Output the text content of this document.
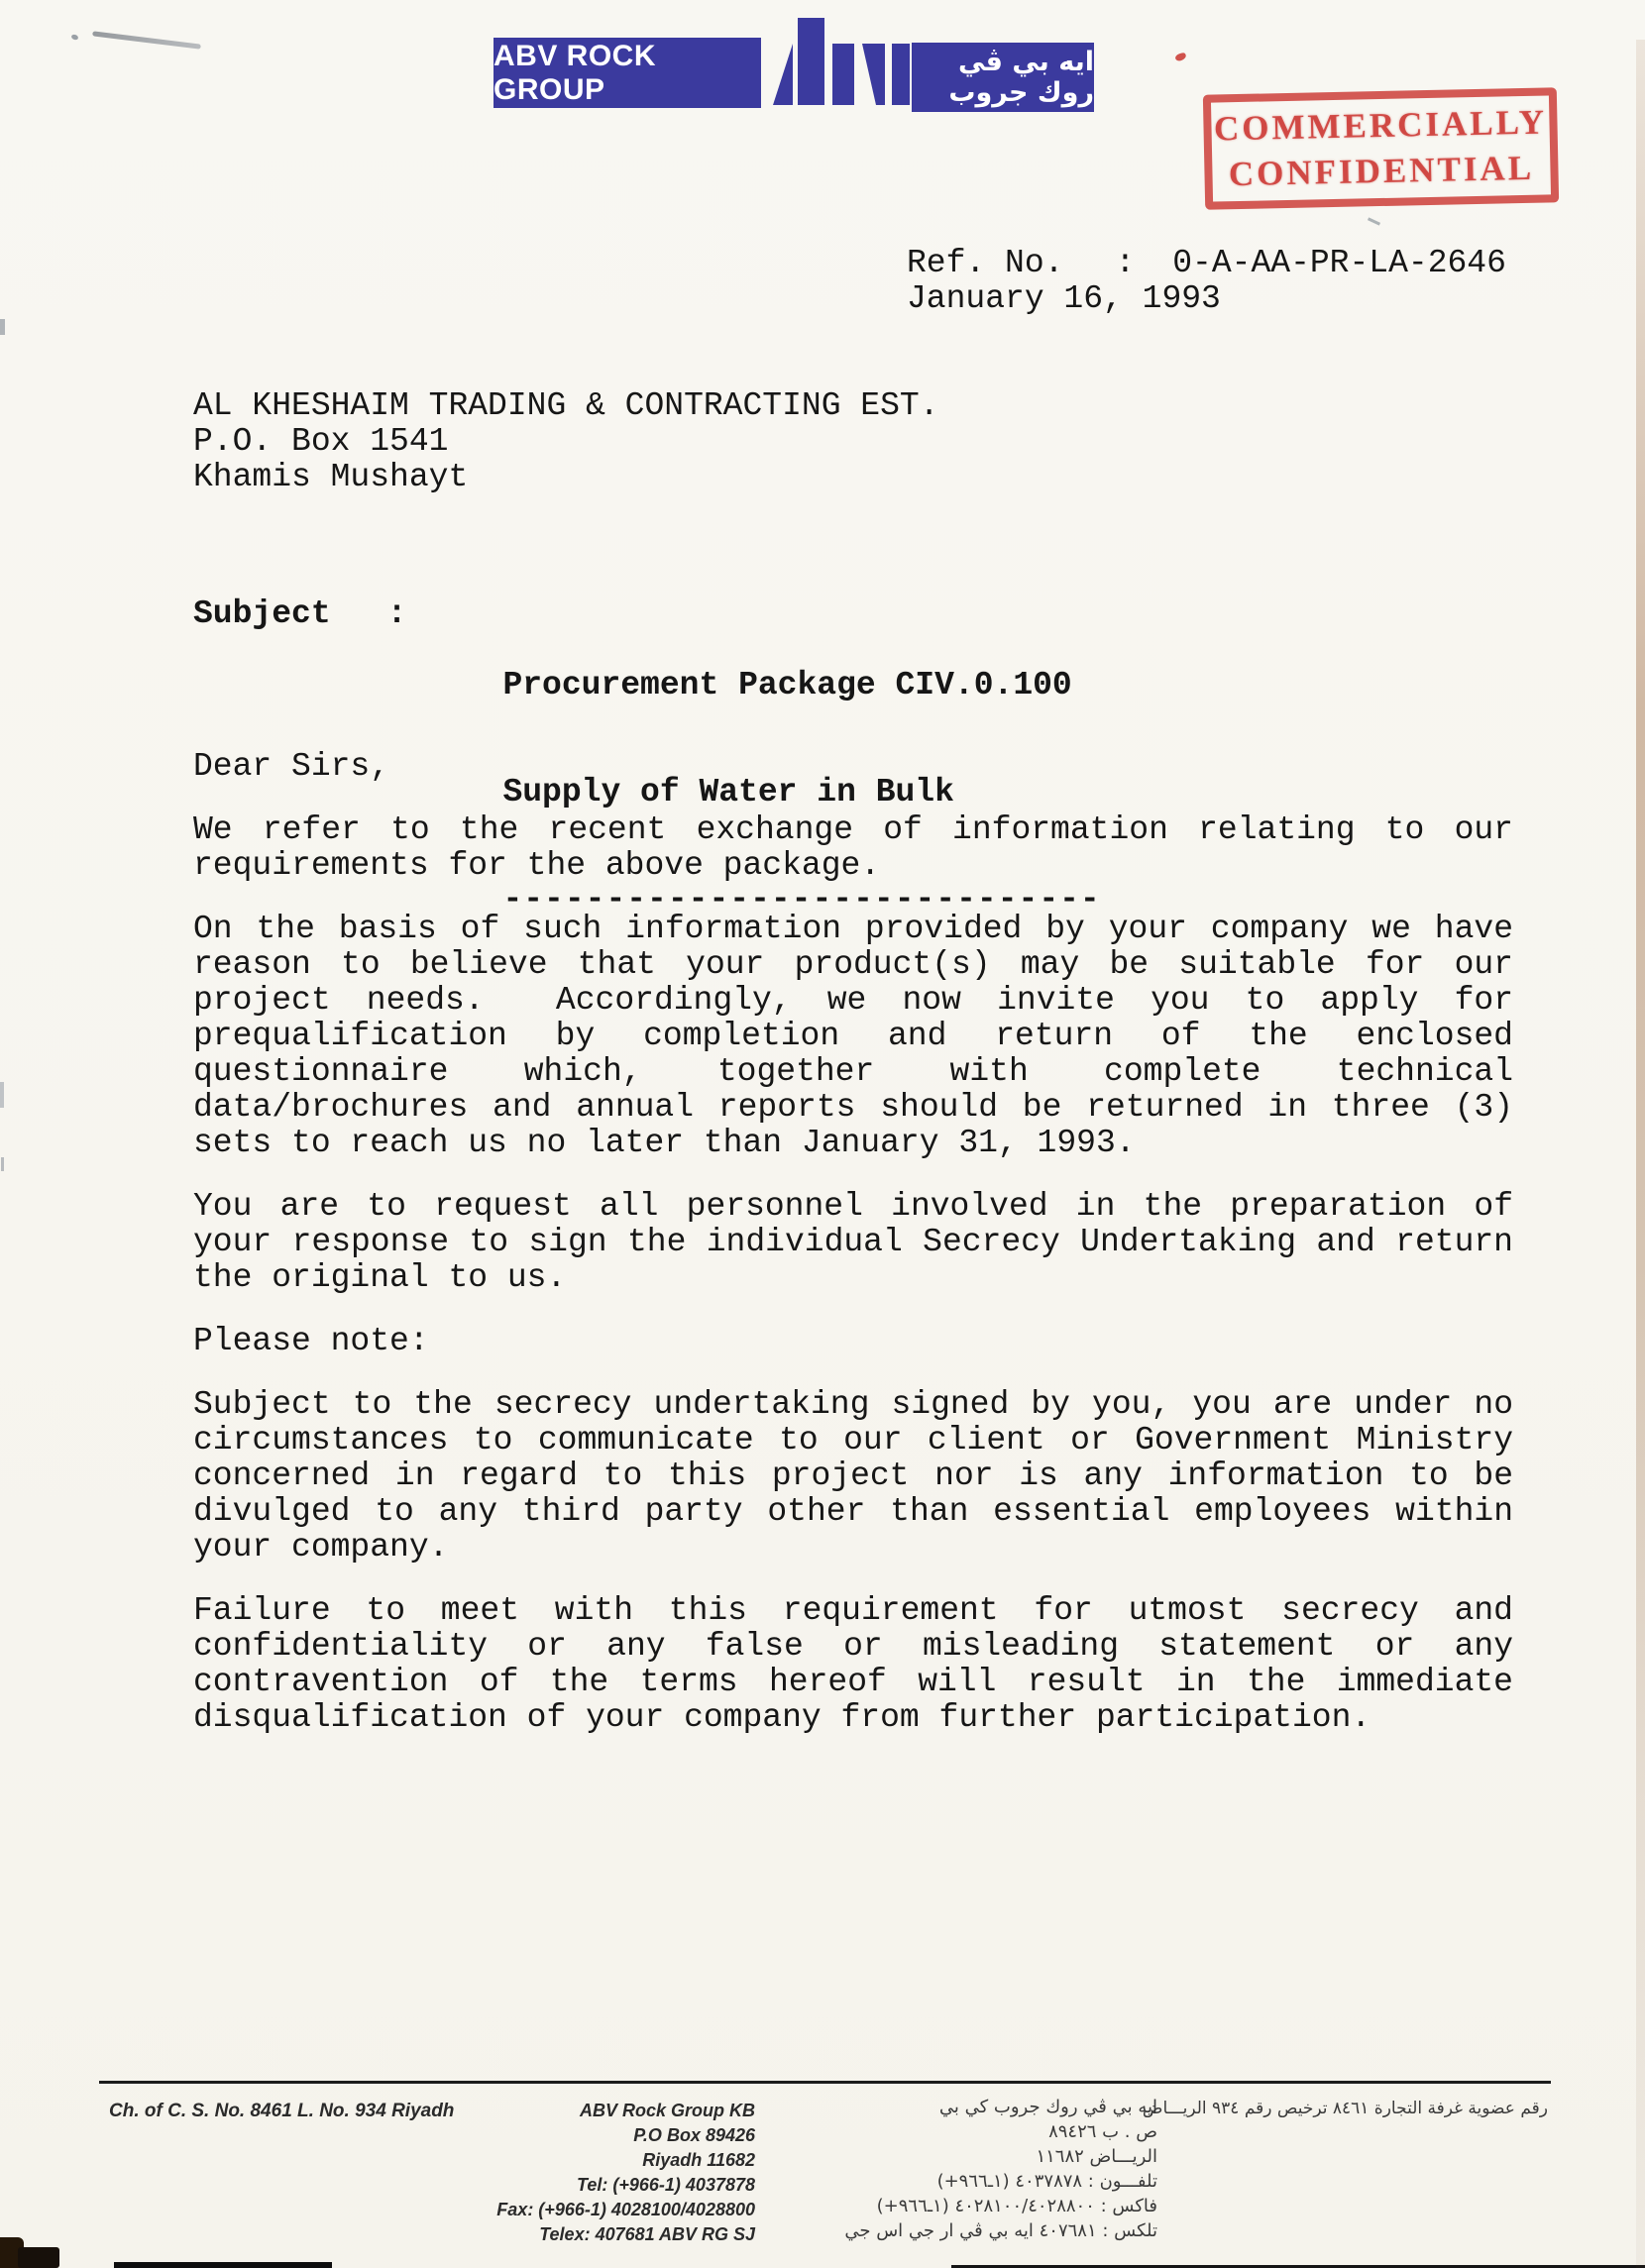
ABV ROCK GROUP
ايه بي ڤي روك جروب
COMMERCIALLY
CONFIDENTIAL
Ref. No. : 0-A-AA-PR-LA-2646
January 16, 1993
AL KHESHAIM TRADING & CONTRACTING EST.
P.O. Box 1541
Khamis Mushayt
Subject :

Procurement Package CIV.0.100

Supply of Water in Bulk

-----------------------------

Dear Sirs,
We refer to the recent exchange of information relating to our
requirements for the above package.
On the basis of such information provided by your company we have
reason to believe that your product(s) may be suitable for our
project needs.  Accordingly, we now invite you to apply for
prequalification by completion and return of the enclosed
questionnaire which, together with complete technical
data/brochures and annual reports should be returned in three (3)
sets to reach us no later than January 31, 1993.
You are to request all personnel involved in the preparation of
your response to sign the individual Secrecy Undertaking and return
the original to us.
Please note:
Subject to the secrecy undertaking signed by you, you are under no
circumstances to communicate to our client or Government Ministry
concerned in regard to this project nor is any information to be
divulged to any third party other than essential employees within
your company.
Failure to meet with this requirement for utmost secrecy and
confidentiality or any false or misleading statement or any
contravention of the terms hereof will result in the immediate
disqualification of your company from further participation.
Ch. of C. S. No. 8461 L. No. 934 Riyadh	ABV Rock Group KB
P.O Box 89426
Riyadh 11682
Tel: (+966-1) 4037878
Fax: (+966-1) 4028100/4028800
Telex: 407681 ABV RG SJ
ايه بي ڤي روك جروب كي بي
ص . ب ٨٩٤٢٦
الريـــاض ١١٦٨٢
تلفـــون : ٤٠٣٧٨٧٨ (١ـ٩٦٦+)
فاكس : ٤٠٢٨١٠٠/٤٠٢٨٨٠٠ (١ـ٩٦٦+)
تلكس : ٤٠٧٦٨١ ايه بي ڤي ار جي اس جي
رقم عضوية غرفة التجارة ٨٤٦١ ترخيص رقم ٩٣٤ الريـــاض
